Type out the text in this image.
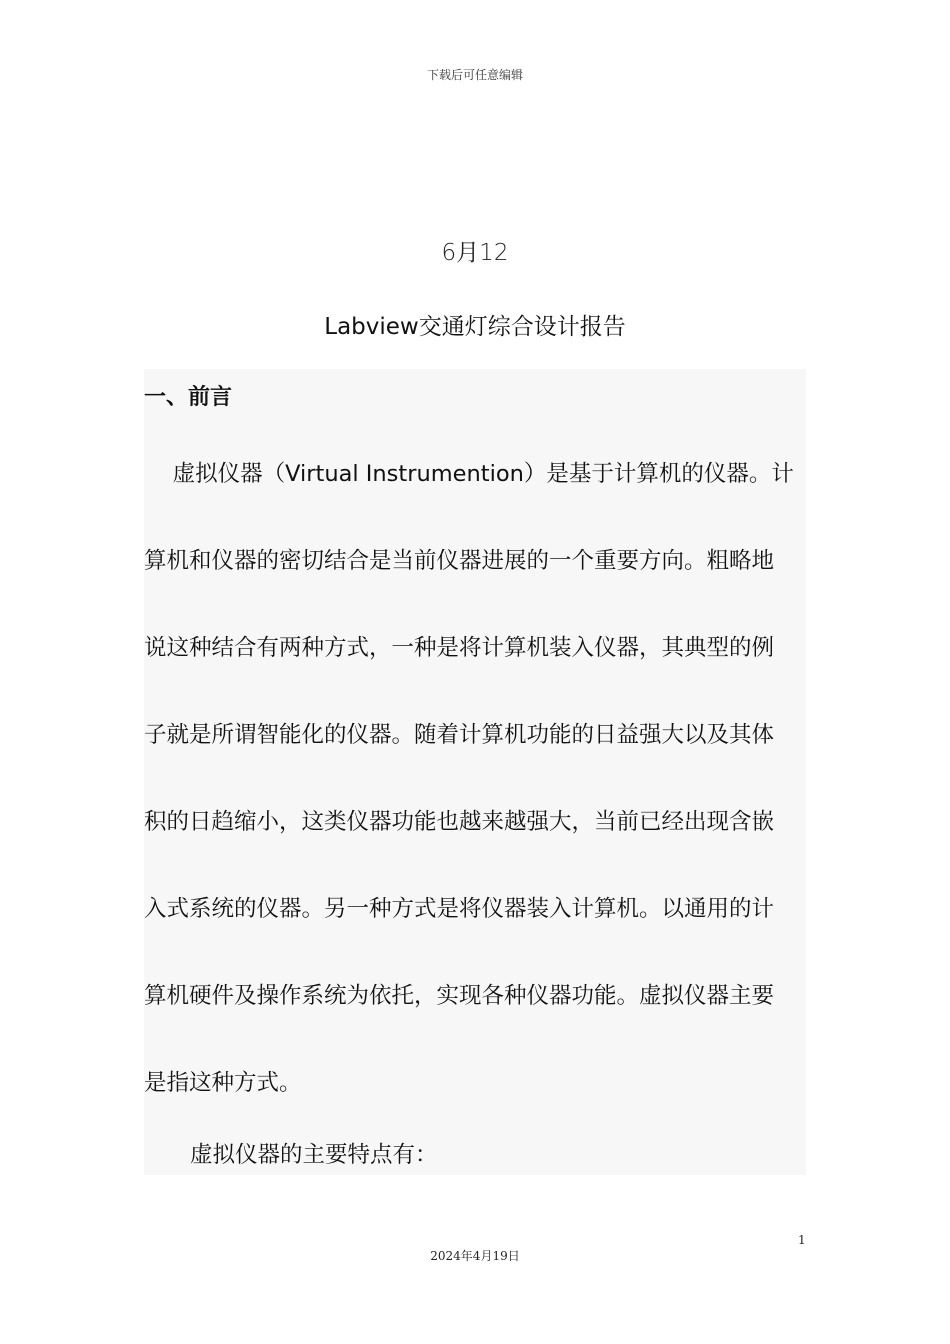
下载后可任意编辑
6月12
Labview交通灯综合设计报告
一、前言
虚拟仪器（Virtual Instrumention）是基于计算机的仪器。计
算机和仪器的密切结合是当前仪器进展的一个重要方向。粗略地
说这种结合有两种方式，一种是将计算机装入仪器，其典型的例
子就是所谓智能化的仪器。随着计算机功能的日益强大以及其体
积的日趋缩小，这类仪器功能也越来越强大，当前已经出现含嵌
入式系统的仪器。另一种方式是将仪器装入计算机。以通用的计
算机硬件及操作系统为依托，实现各种仪器功能。虚拟仪器主要
是指这种方式。
虚拟仪器的主要特点有：
1
2024年4月19日
